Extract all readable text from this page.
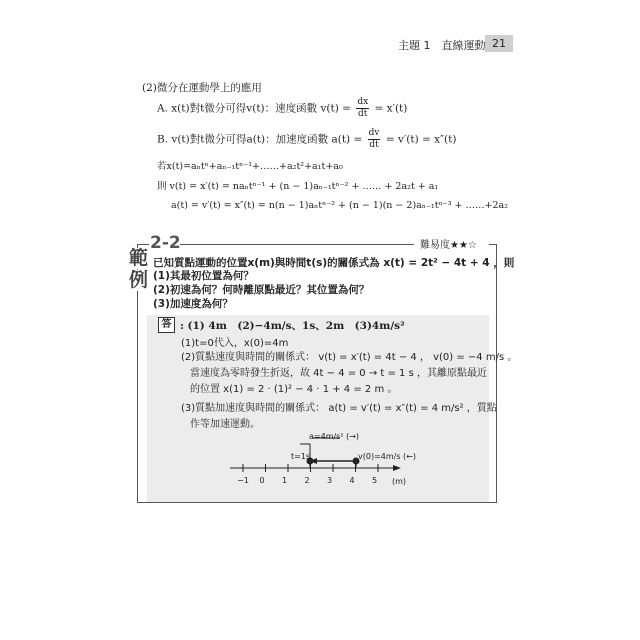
主題 1　直線運動 21
(2)微分在運動學上的應用
A. x(t)對t微分可得v(t)：速度函數 $v(t) = \frac{dx}{dt} = x'(t)$
B. v(t)對t微分可得a(t)：加速度函數 $a(t) = \frac{dv}{dt} = v'(t) = x''(t)$
若x(t)=aₙtⁿ+aₙ₋₁tⁿ⁻¹+……+a₂t²+a₁t+a₀
則 v(t) = x′(t) = naₙtⁿ⁻¹ + (n − 1)aₙ₋₁tⁿ⁻² + …… + 2a₂t + a₁
a(t) = v′(t) = x″(t) = n(n − 1)aₙtⁿ⁻² + (n − 1)(n − 2)aₙ₋₁tⁿ⁻³ + ……+2a₂
2-2	難易度★★☆
範
例
已知質點運動的位置x(m)與時間t(s)的關係式為 x(t) = 2t² − 4t + 4 ，則
(1)其最初位置為何？
(2)初速為何？何時離原點最近？其位置為何？
(3)加速度為何？
答 : (1) 4m　(2)−4m/s、1s、2m　(3)4m/s²
(1)t=0代入，x(0)=4m
(2)質點速度與時間的關係式： v(t) = x′(t) = 4t − 4 ， v(0) = −4 m/s 。
當速度為零時發生折返，故 4t − 4 = 0 → t = 1 s ，其離原點最近
的位置 x(1) = 2 · (1)² − 4 · 1 + 4 = 2 m 。
(3)質點加速度與時間的關係式： a(t) = v′(t) = x″(t) = 4 m/s² ，質點
作等加速運動。
a=4m/s² (→)
t=1s	v(0)=4m/s (←)
(m)
−1 0 1 2 3 4 5
